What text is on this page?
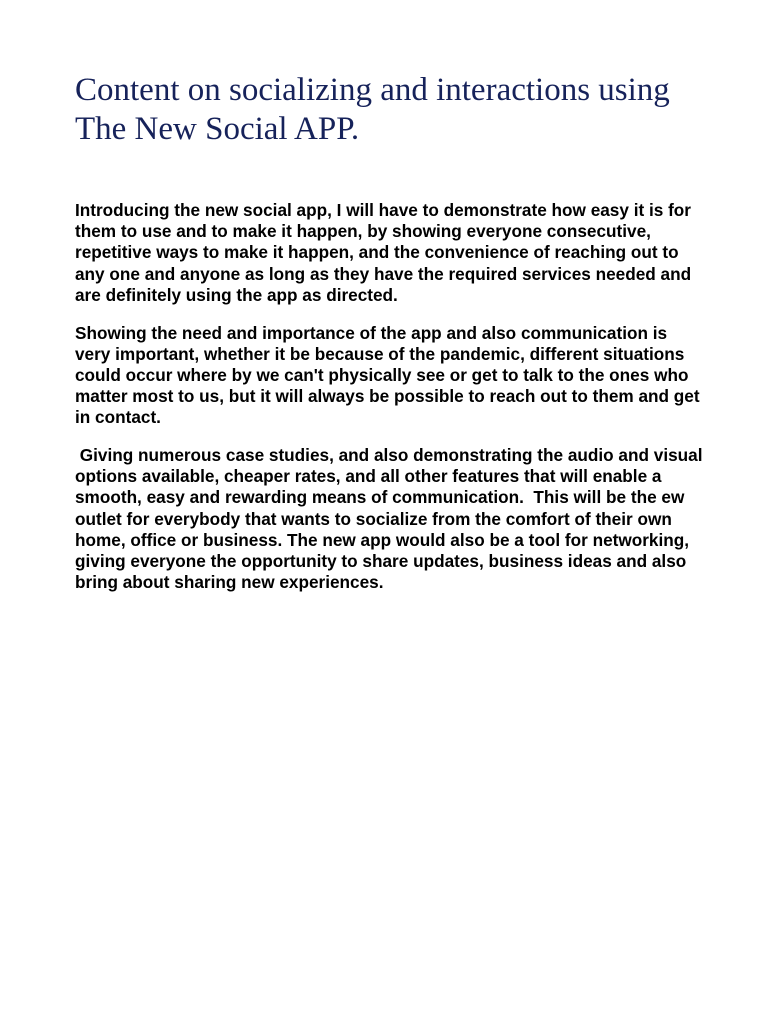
Content on socializing and interactions using The New Social APP.

Introducing the new social app, I will have to demonstrate how easy it is for them to use and to make it happen, by showing everyone consecutive, repetitive ways to make it happen, and the convenience of reaching out to any one and anyone as long as they have the required services needed and are definitely using the app as directed.

Showing the need and importance of the app and also communication is very important, whether it be because of the pandemic, different situations could occur where by we can't physically see or get to talk to the ones who matter most to us, but it will always be possible to reach out to them and get in contact.

Giving numerous case studies, and also demonstrating the audio and visual options available, cheaper rates, and all other features that will enable a smooth, easy and rewarding means of communication.  This will be the ew outlet for everybody that wants to socialize from the comfort of their own home, office or business. The new app would also be a tool for networking, giving everyone the opportunity to share updates, business ideas and also bring about sharing new experiences.
